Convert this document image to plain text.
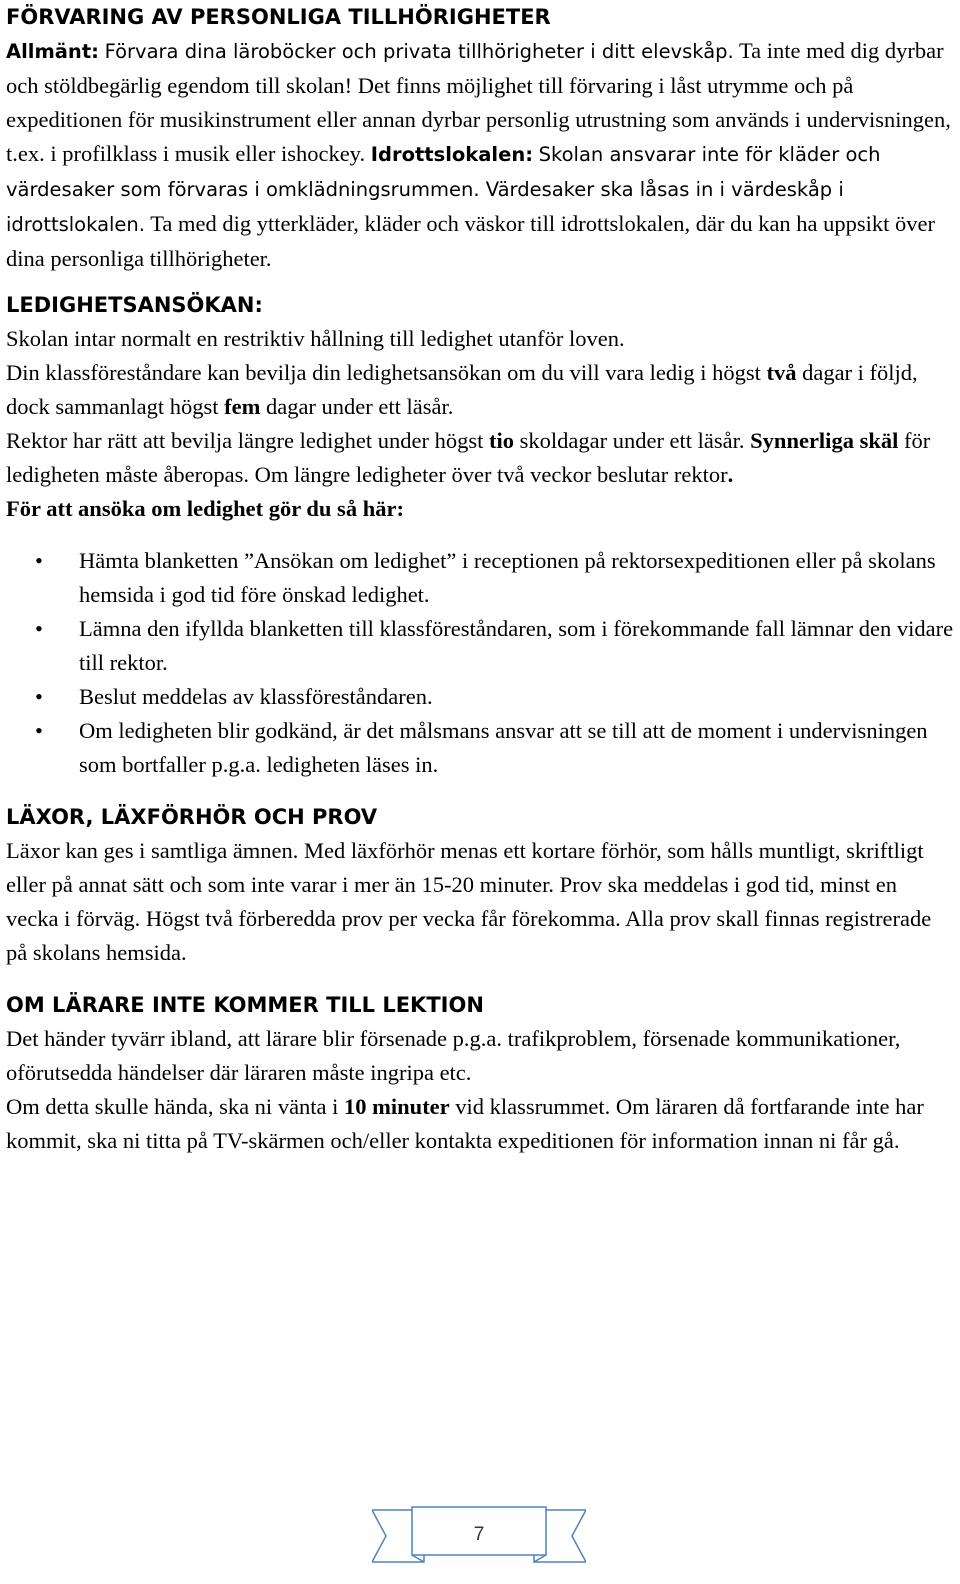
FÖRVARING AV PERSONLIGA TILLHÖRIGHETER

Allmänt: Förvara dina läroböcker och privata tillhörigheter i ditt elevskåp. Ta inte med dig dyrbar och stöldbegärlig egendom till skolan! Det finns möjlighet till förvaring i låst utrymme och på expeditionen för musikinstrument eller annan dyrbar personlig utrustning som används i undervisningen, t.ex. i profilklass i musik eller ishockey. Idrottslokalen: Skolan ansvarar inte för kläder och värdesaker som förvaras i omklädningsrummen. Värdesaker ska låsas in i värdeskåp i idrottslokalen. Ta med dig ytterkläder, kläder och väskor till idrottslokalen, där du kan ha uppsikt över dina personliga tillhörigheter.

LEDIGHETSANSÖKAN:

Skolan intar normalt en restriktiv hållning till ledighet utanför loven.

Din klassföreståndare kan bevilja din ledighetsansökan om du vill vara ledig i högst två dagar i följd, dock sammanlagt högst fem dagar under ett läsår.

Rektor har rätt att bevilja längre ledighet under högst tio skoldagar under ett läsår. Synnerliga skäl för ledigheten måste åberopas. Om längre ledigheter över två veckor beslutar rektor.

För att ansöka om ledighet gör du så här:

• Hämta blanketten ”Ansökan om ledighet” i receptionen på rektorsexpeditionen eller på skolans hemsida i god tid före önskad ledighet.
• Lämna den ifyllda blanketten till klassföreståndaren, som i förekommande fall lämnar den vidare till rektor.
• Beslut meddelas av klassföreståndaren.
• Om ledigheten blir godkänd, är det målsmans ansvar att se till att de moment i undervisningen som bortfaller p.g.a. ledigheten läses in.
LÄXOR, LÄXFÖRHÖR OCH PROV

Läxor kan ges i samtliga ämnen. Med läxförhör menas ett kortare förhör, som hålls muntligt, skriftligt eller på annat sätt och som inte varar i mer än 15-20 minuter. Prov ska meddelas i god tid, minst en vecka i förväg. Högst två förberedda prov per vecka får förekomma. Alla prov skall finnas registrerade på skolans hemsida.

OM LÄRARE INTE KOMMER TILL LEKTION

Det händer tyvärr ibland, att lärare blir försenade p.g.a. trafikproblem, försenade kommunikationer, oförutsedda händelser där läraren måste ingripa etc.

Om detta skulle hända, ska ni vänta i 10 minuter vid klassrummet. Om läraren då fortfarande inte har kommit, ska ni titta på TV-skärmen och/eller kontakta expeditionen för information innan ni får gå.

7
